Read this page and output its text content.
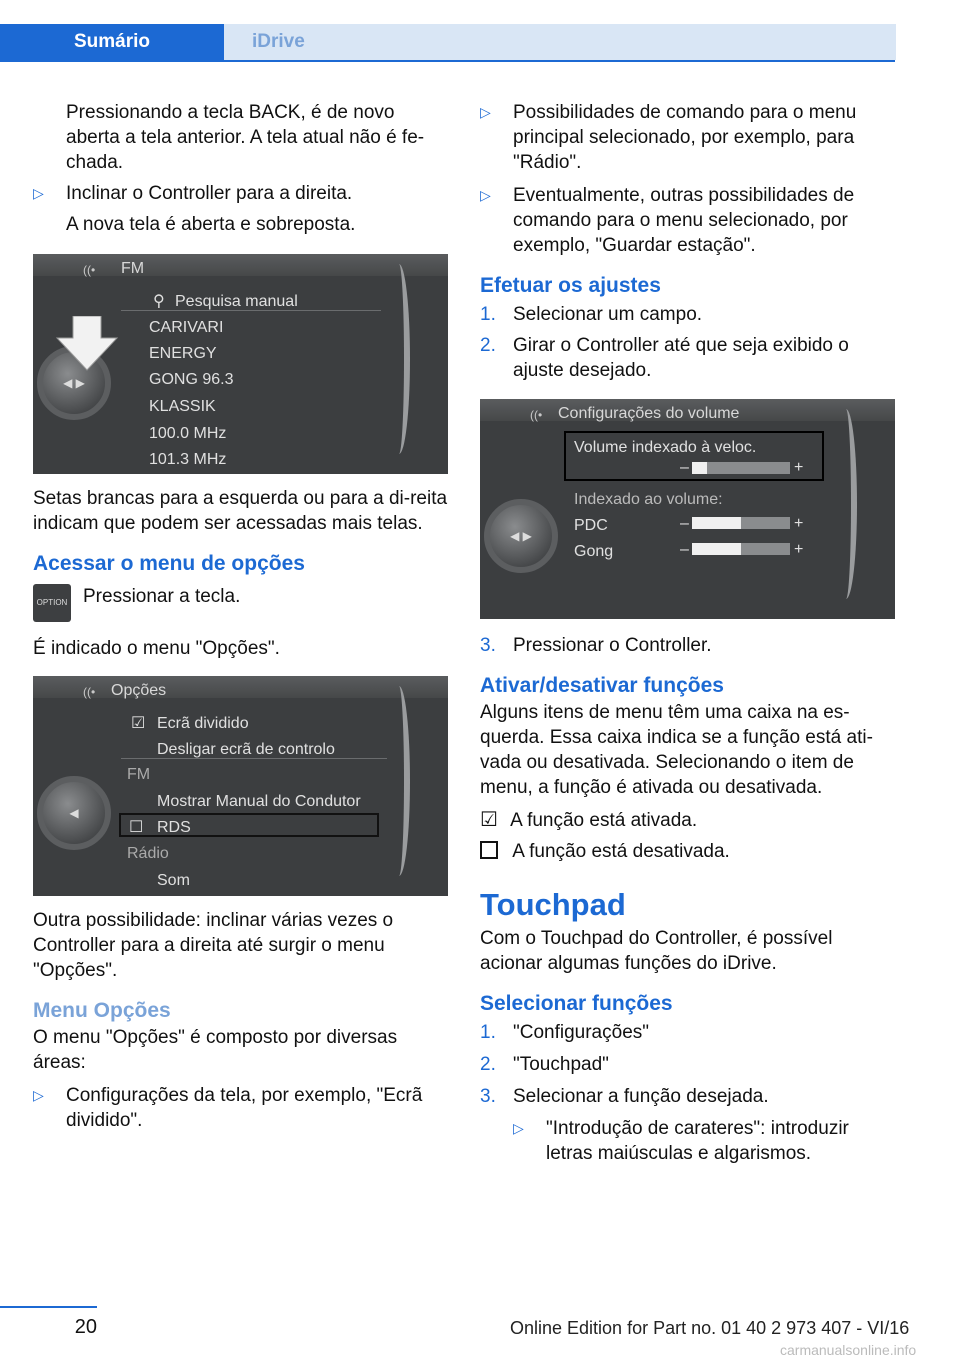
Sumário	iDrive

Pressionando a tecla BACK, é de novo aberta a tela anterior. A tela atual não é fe-chada.

▷ Inclinar o Controller para a direita.

A nova tela é aberta e sobreposta.

((• FM
⚲ Pesquisa manual
CARIVARI
ENERGY
GONG 96.3
KLASSIK
100.0 MHz
101.3 MHz
◀ ▶

Setas brancas para a esquerda ou para a di-reita indicam que podem ser acessadas mais telas.

Acessar o menu de opções
OPTION Pressionar a tecla.

É indicado o menu "Opções".

((• Opções
☑ Ecrã dividido
Desligar ecrã de controlo
FM
Mostrar Manual do Condutor
☐ RDS
Rádio
Som
◀

Outra possibilidade: inclinar várias vezes o Controller para a direita até surgir o menu "Opções".

Menu Opções

O menu "Opções" é composto por diversas áreas:

▷ Configurações da tela, por exemplo, "Ecrã dividido".

▷ Possibilidades de comando para o menu principal selecionado, por exemplo, para "Rádio".

▷ Eventualmente, outras possibilidades de comando para o menu selecionado, por exemplo, "Guardar estação".

Efetuar os ajustes
1. Selecionar um campo.

2. Girar o Controller até que seja exibido o ajuste desejado.

((• Configurações do volume
Volume indexado à veloc.
–	+
Indexado ao volume:
PDC	–	+
Gong	–	+
◀ ▶
3. Pressionar o Controller.

Ativar/desativar funções

Alguns itens de menu têm uma caixa na es-querda. Essa caixa indica se a função está ati-vada ou desativada. Selecionando o item de menu, a função é ativada ou desativada.

☑ A função está ativada.

A função está desativada.

Touchpad

Com o Touchpad do Controller, é possível acionar algumas funções do iDrive.

Selecionar funções
1. "Configurações"

2. "Touchpad"

3. Selecionar a função desejada.

▷ "Introdução de carateres": introduzir letras maiúsculas e algarismos.

20	Online Edition for Part no. 01 40 2 973 407 - VI/16
carmanualsonline.info
